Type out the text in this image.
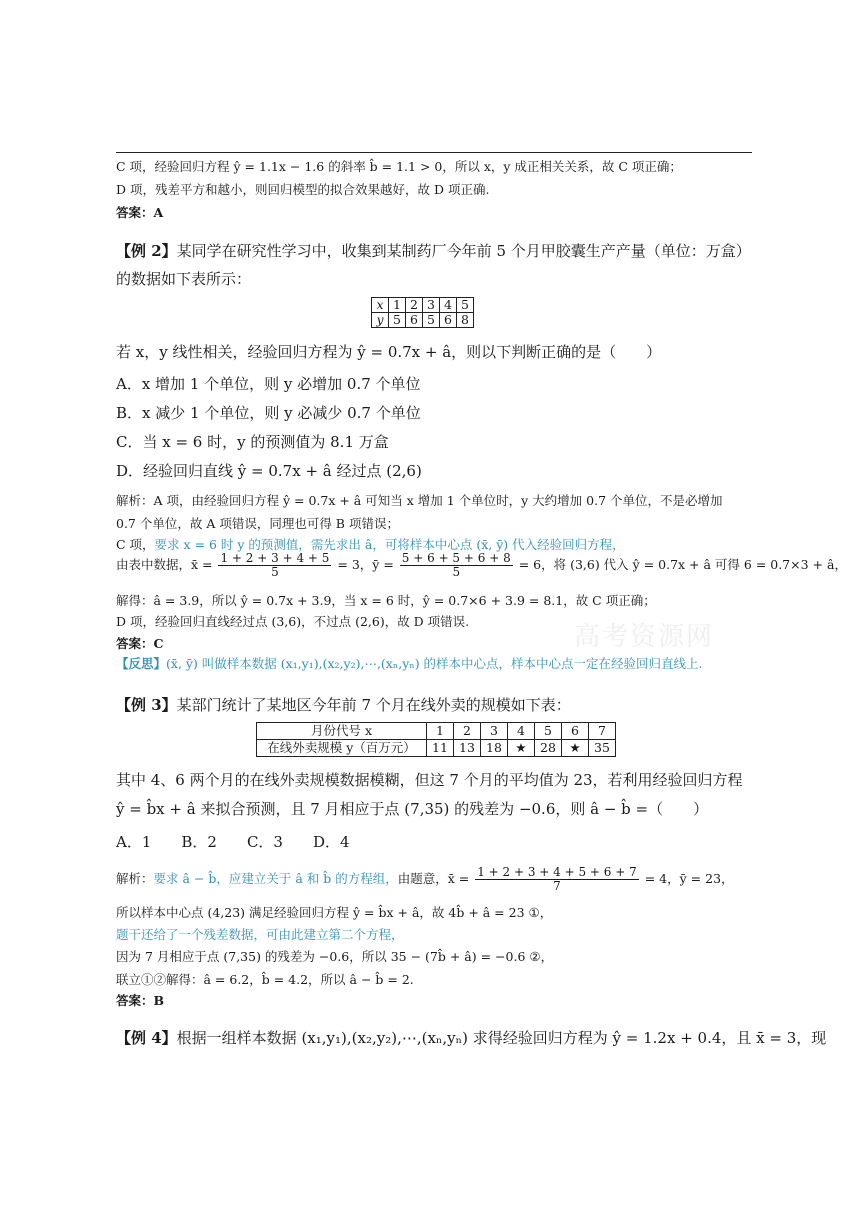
C 项，经验回归方程 ŷ = 1.1x − 1.6 的斜率 b̂ = 1.1 > 0，所以 x，y 成正相关关系，故 C 项正确；
D 项，残差平方和越小，则回归模型的拟合效果越好，故 D 项正确.
答案：A
【例 2】某同学在研究性学习中，收集到某制药厂今年前 5 个月甲胶囊生产产量（单位：万盒）
的数据如下表所示：
x	1	2	3	4	5
y	5	6	5	6	8
若 x，y 线性相关，经验回归方程为 ŷ = 0.7x + â，则以下判断正确的是（　　）
A．x 增加 1 个单位，则 y 必增加 0.7 个单位
B．x 减少 1 个单位，则 y 必减少 0.7 个单位
C．当 x = 6 时，y 的预测值为 8.1 万盒
D．经验回归直线 ŷ = 0.7x + â 经过点 (2,6)
解析：A 项，由经验回归方程 ŷ = 0.7x + â 可知当 x 增加 1 个单位时，y 大约增加 0.7 个单位，不是必增加
0.7 个单位，故 A 项错误，同理也可得 B 项错误；
C 项，要求 x = 6 时 y 的预测值，需先求出 â，可将样本中心点 (x̄, ȳ) 代入经验回归方程，
由表中数据，x̄ = $\frac{1 + 2 + 3 + 4 + 5}{5} = 3$，ȳ = $\frac{5 + 6 + 5 + 6 + 8}{5} = 6$，将 (3,6) 代入 ŷ = 0.7x + â 可得 6 = 0.7×3 + â，
解得：â = 3.9，所以 ŷ = 0.7x + 3.9，当 x = 6 时，ŷ = 0.7×6 + 3.9 = 8.1，故 C 项正确；
D 项，经验回归直线经过点 (3,6)，不过点 (2,6)，故 D 项错误.
答案：C
【反思】(x̄, ȳ) 叫做样本数据 (x₁,y₁),(x₂,y₂),⋯,(xₙ,yₙ) 的样本中心点，样本中心点一定在经验回归直线上.
高考资源网
【例 3】某部门统计了某地区今年前 7 个月在线外卖的规模如下表：
月份代号 x	1	2	3	4	5	6	7
在线外卖规模 y（百万元）	11	13	18	★	28	★	35
其中 4、6 两个月的在线外卖规模数据模糊，但这 7 个月的平均值为 23，若利用经验回归方程
ŷ = b̂x + â 来拟合预测，且 7 月相应于点 (7,35) 的残差为 −0.6，则 â − b̂ =（　　）
A．1　　B．2　　C．3　　D．4
解析：要求 â − b̂，应建立关于 â 和 b̂ 的方程组，由题意，x̄ = $\frac{1 + 2 + 3 + 4 + 5 + 6 + 7}{7} = 4$，ȳ = 23，
所以样本中心点 (4,23) 满足经验回归方程 ŷ = b̂x + â，故 4b̂ + â = 23 ①，
题干还给了一个残差数据，可由此建立第二个方程，
因为 7 月相应于点 (7,35) 的残差为 −0.6，所以 35 − (7b̂ + â) = −0.6 ②，
联立①②解得：â = 6.2，b̂ = 4.2，所以 â − b̂ = 2.
答案：B
【例 4】根据一组样本数据 (x₁,y₁),(x₂,y₂),⋯,(xₙ,yₙ) 求得经验回归方程为 ŷ = 1.2x + 0.4，且 x̄ = 3，现
